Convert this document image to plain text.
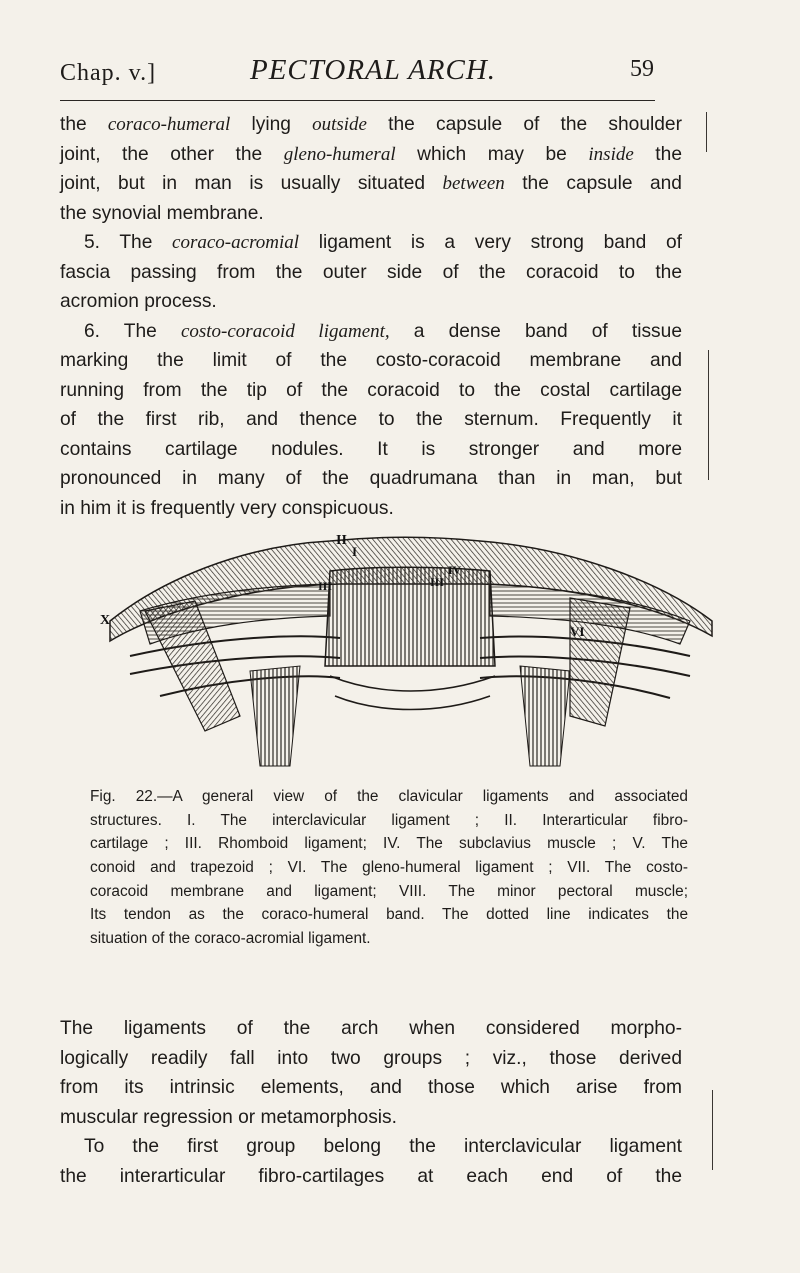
Chap. v.]	PECTORAL ARCH.	59
the coraco-humeral lying outside the capsule of the shoulder
joint, the other the gleno-humeral which may be inside the
joint, but in man is usually situated between the capsule and
the synovial membrane.
5. The coraco-acromial ligament is a very strong band of
fascia passing from the outer side of the coracoid to the
acromion process.
6. The costo-coracoid ligament, a dense band of tissue
marking the limit of the costo-coracoid membrane and
running from the tip of the coracoid to the costal cartilage
of the first rib, and thence to the sternum. Frequently it
contains cartilage nodules. It is stronger and more
pronounced in many of the quadrumana than in man, but
in him it is frequently very conspicuous.
II
I
III	III
IV
VI
X
Fig. 22.—A general view of the clavicular ligaments and associated
structures. I. The interclavicular ligament ; II. Interarticular fibro-
cartilage ; III. Rhomboid ligament; IV. The subclavius muscle ; V. The
conoid and trapezoid ; VI. The gleno-humeral ligament ; VII. The costo-
coracoid membrane and ligament; VIII. The minor pectoral muscle;
Its tendon as the coraco-humeral band. The dotted line indicates the
situation of the coraco-acromial ligament.
The ligaments of the arch when considered morpho-
logically readily fall into two groups ; viz., those derived
from its intrinsic elements, and those which arise from
muscular regression or metamorphosis.
To the first group belong the interclavicular ligament
the interarticular fibro-cartilages at each end of the
